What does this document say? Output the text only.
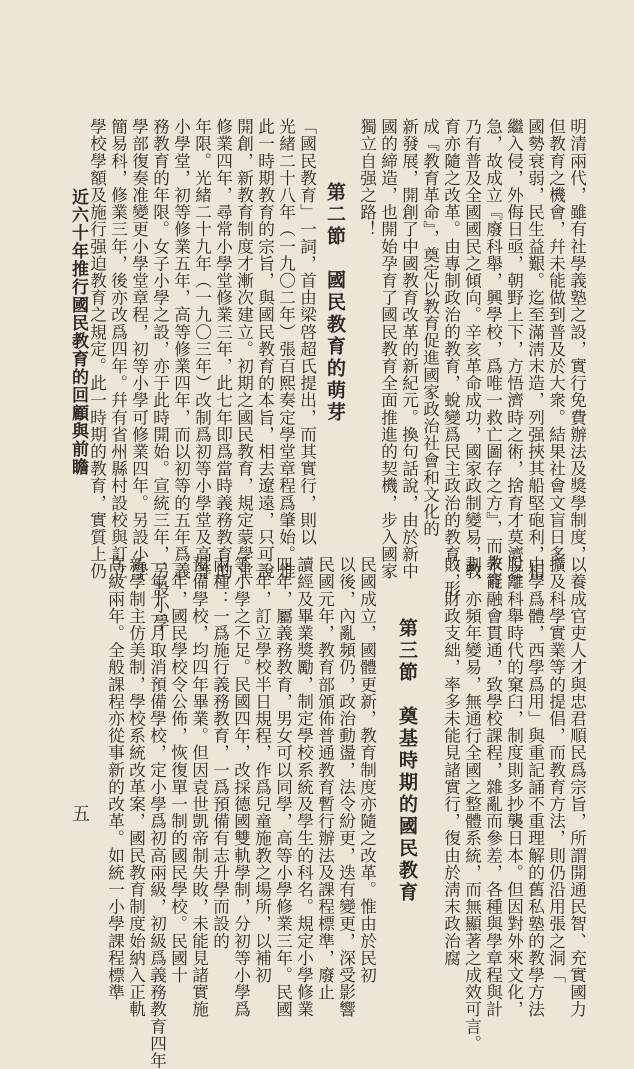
明清兩代，雖有社學義塾之設，實行免費辦法及獎學制度，

但教育之機會，幷未能做到普及於大衆。結果社會文盲日多，

國勢衰弱，民生益艱。迄至滿淸末造，列强挾其船堅砲利，相

繼入侵，外侮日亟，朝野上下，方悟濟時之術，捨育才莫濟之

急，故成立『廢科舉，興學校，爲唯一救亡圖存之方』，而教育

乃有普及全國國民之傾向。辛亥革命成功，國家政制變易，教

育亦隨之改革。由專制政治的教育，蛻變爲民主政治的教育，形

成『教育革命』，奠定以教育促進國家政治社會和文化的

新發展，開創了中國教育改革的新紀元。換句話說，由於新中

國的締造，也開始孕育了國民教育全面推進的契機，步入國家

獨立自强之路！

第二節　國民教育的萌芽

「國民教育」一詞，首由梁啓超氏提出，而其實行，則以

光緒二十八年（一九〇二年）張百熙奏定學堂章程爲肇始。惟

此一時期教育的宗旨，與國民教育的本旨，相去遼遠，只可說

開創，新教育制度才漸次建立。初期之國民教育，規定蒙學堂

修業四年，尋常小學堂修業三年，此七年即爲當時義務教育的

年限。光緒二十九年（一九〇三年）改制爲初等小學堂及高等

小學堂，初等修業五年，高等修業四年，而以初等的五年爲義

務教育的年限。女子小學之設，亦于此時開始。宣統三年，另設小學

學部復奏准變更小學堂章程，初等小學可修業四年。另設小學

簡易科，修業三年，後亦改爲四年。幷有省州縣村設校與訂立

學校學額及施行强迫教育之規定。此一時期的教育，實質上仍

近六十年推行國民教育的回顧與前瞻

以養成官吏人才與忠君順民爲宗旨，所謂開通民智、充實國力

擴及科學實業等的提倡，而教育方法，則仍沿用張之洞「

中學爲體，西學爲用」與重記誦不重理解的舊私塾的教學方法

脫離科舉時代的窠臼，制度則多抄襲日本。但因對外來文化，

未能融會貫通，致學校課程，雜亂而參差，各種與學章程與計

劃，亦頻年變易，無通行全國之整體系統，而無顯著之成效可言。

敗，財政支絀，率多未能見諸實行，復由於淸末政治腐

第三節　奠基時期的國民教育

民國成立，國體更新，教育制度亦隨之改革。惟由於民初

以後，內亂頻仍，政治動盪，法令紛更，迭有變更，深受影響

民國元年，教育部頒佈普通教育暫行辦法及課程標準，廢止

讀經及畢業獎勵，制定學校系統及學生的科名。規定小學修業

四年，屬義務教育，男女可以同學，高等小學修業三年。民國

三年，訂立學校半日規程，作爲兒童施教之場所，以補初

等小學之不足。民國四年，改採德國雙軌學制，分初等小學爲

兩種：一爲施行義務教育，一爲預備有志升學而設的

預備學校，均四年畢業。但因袁世凱帝制失敗，未能見諸實施

一年，國民學校令公佈，恢復單一制的國民學校。民國十

一年十一月取消預備學校，定小學爲初高兩級，初級爲義務教育四年

新學制主仿美制，學校系統改革案，國民教育制度始納入正軌

高級兩年。全般課程亦從事新的改革。如統一小學課程標準

五
